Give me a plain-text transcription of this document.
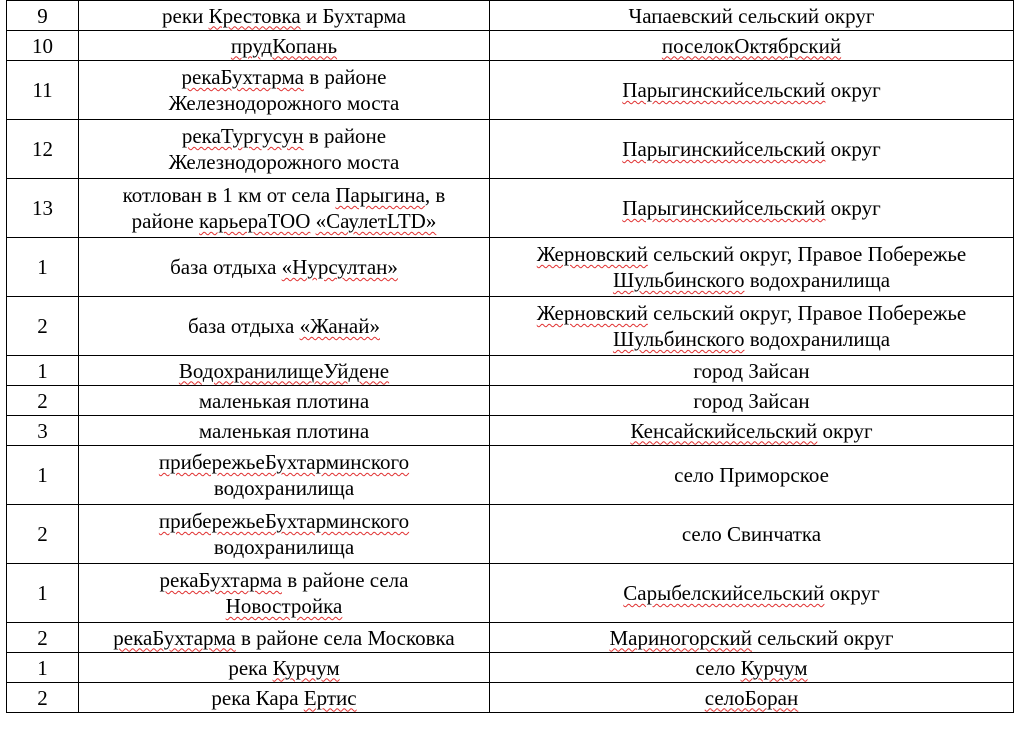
9	реки Крестовка и Бухтарма	Чапаевский сельский округ
10	прудКопань	поселокОктябрский
11	рекаБухтарма в районе
Железнодорожного моста	Парыгинскийсельский округ
12	рекаТургусун в районе
Железнодорожного моста	Парыгинскийсельский округ
13	котлован в 1 км от села Парыгина, в
районе карьераТОО «СаулетLTD»	Парыгинскийсельский округ
1	база отдыха «Нурсултан»	Жерновский сельский округ, Правое Побережье
Шульбинского водохранилища
2	база отдыха «Жанай»	Жерновский сельский округ, Правое Побережье
Шульбинского водохранилища
1	ВодохранилищеУйдене	город Зайсан
2	маленькая плотина	город Зайсан
3	маленькая плотина	Кенсайскийсельский округ
1	прибережьеБухтарминского
водохранилища	село Приморское
2	прибережьеБухтарминского
водохранилища	село Свинчатка
1	рекаБухтарма в районе села
Новостройка	Сарыбелскийсельский округ
2	рекаБухтарма в районе села Московка	Мариногорский сельский округ
1	река Курчум	село Курчум
2	река Кара Ертис	селоБоран
